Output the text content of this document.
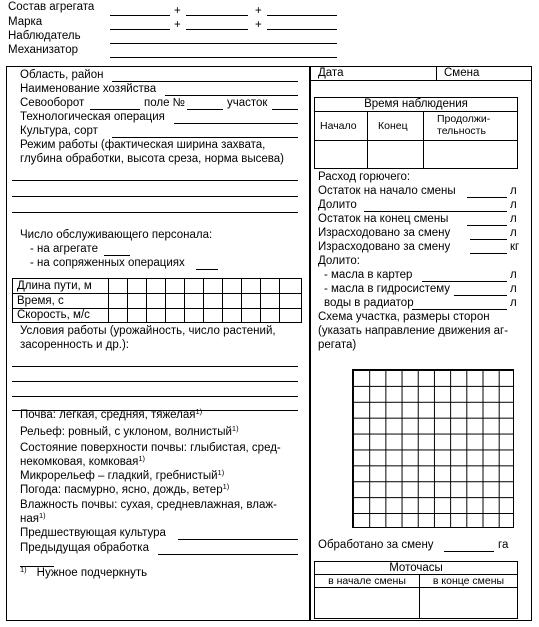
Состав агрегата	+	+
Марка	+	+
Наблюдатель
Механизатор
Область, район
Наименование хозяйства
Севооборот	поле №	участок
Технологическая операция
Культура, сорт
Режим работы (фактическая ширина захвата,
глубина обработки, высота среза, норма высева)
Число обслуживающего персонала:
- на агрегате
- на сопряженных операциях
Длина пути, м
Время, с
Скорость, м/с
Условия работы (урожайность, число растений,
засоренность и др.):
Почва: легкая, средняя, тяжелая$^{1)}$
Рельеф: ровный, с уклоном, волнистый$^{1)}$
Состояние поверхности почвы: глыбистая, сред-
некомковая, комковая$^{1)}$
Микрорельеф – гладкий, гребнистый$^{1)}$
Погода: пасмурно, ясно, дождь, ветер$^{1)}$
Влажность почвы: сухая, средневлажная, влаж-
ная$^{1)}$
Предшествующая культура
Предыдущая обработка
$^{1)}$ Нужное подчеркнуть
Дата	Смена
Время наблюдения
Начало Конец
Продолжи-
тельность
Расход горючего:
Остаток на начало смены	л
Долито	л
Остаток на конец смены	л
Израсходовано за смену	л
Израсходовано за смену	кг
Долито:
- масла в картер	л
- масла в гидросистему	л
воды в радиатор	л
Схема участка, размеры сторон
(указать направление движения аг-
регата)
Обработано за смену	га
Моточасы
в начале смены	в конце смены
